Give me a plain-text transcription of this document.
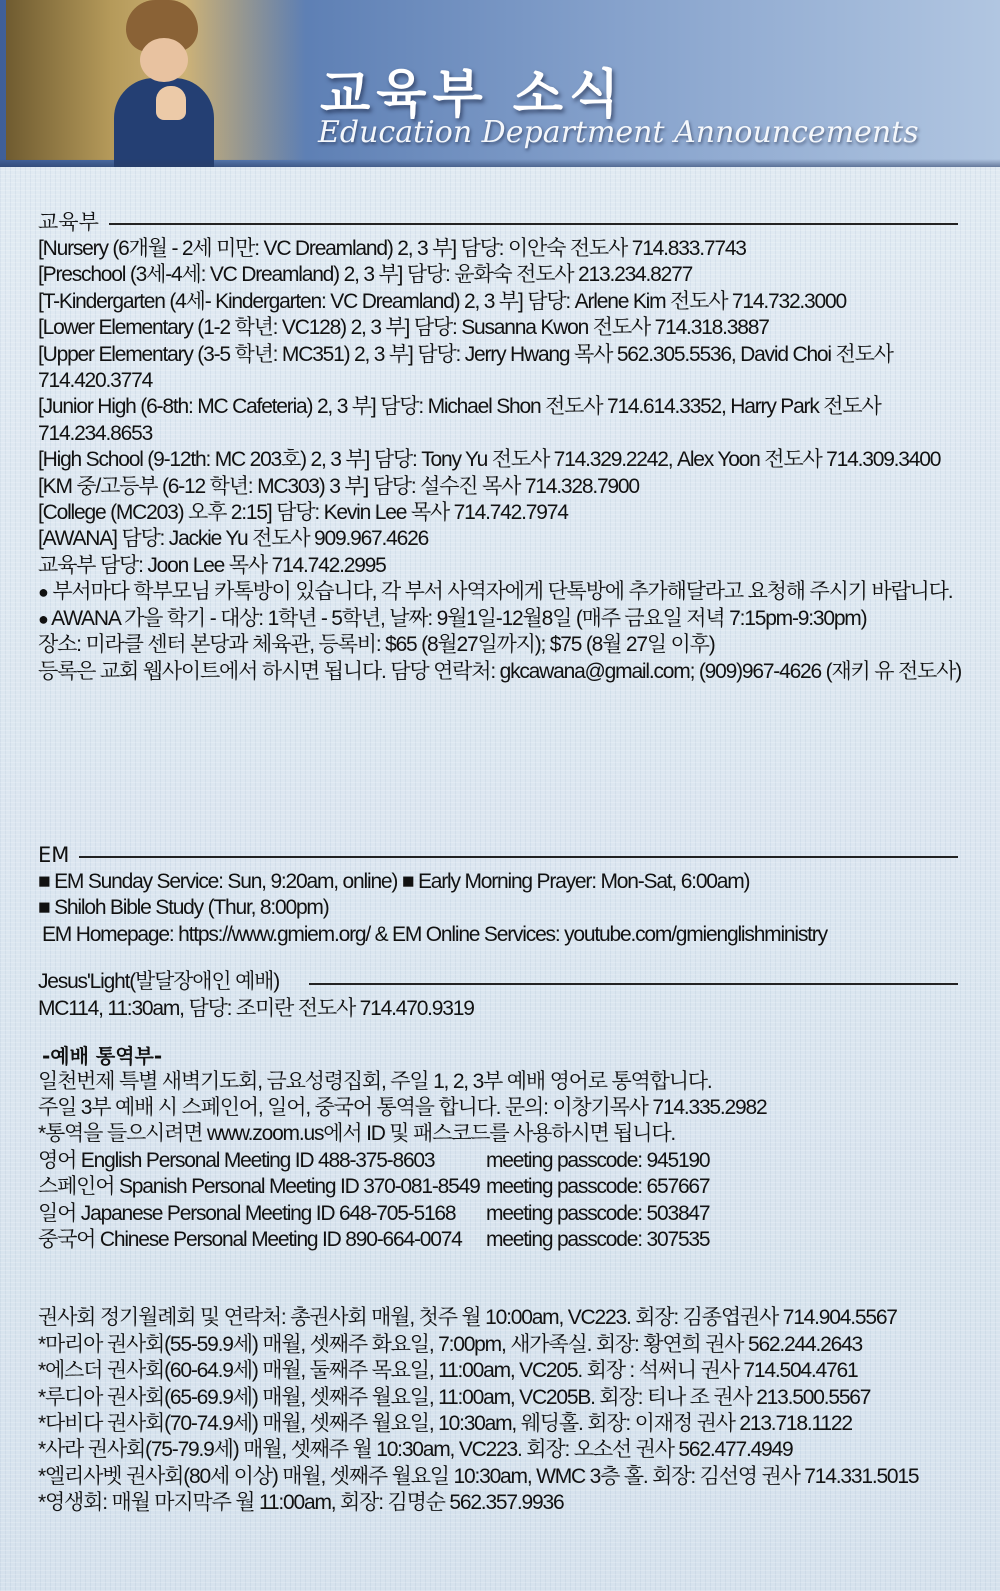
교육부 소식
Education Department Announcements
교육부
[Nursery (6개월 - 2세 미만: VC Dreamland) 2, 3 부] 담당: 이안숙 전도사 714.833.7743
[Preschool (3세-4세: VC Dreamland) 2, 3 부] 담당: 윤화숙 전도사 213.234.8277
[T-Kindergarten (4세- Kindergarten: VC Dreamland) 2, 3 부] 담당: Arlene Kim 전도사 714.732.3000
[Lower Elementary (1-2 학년: VC128) 2, 3 부] 담당: Susanna Kwon 전도사 714.318.3887
[Upper Elementary (3-5 학년: MC351) 2, 3 부] 담당: Jerry Hwang 목사 562.305.5536, David Choi 전도사
714.420.3774
[Junior High (6-8th: MC Cafeteria) 2, 3 부] 담당: Michael Shon 전도사 714.614.3352, Harry Park 전도사
714.234.8653
[High School (9-12th: MC 203호) 2, 3 부] 담당: Tony Yu 전도사 714.329.2242, Alex Yoon 전도사 714.309.3400
[KM 중/고등부 (6-12 학년: MC303) 3 부] 담당: 설수진 목사 714.328.7900
[College (MC203) 오후 2:15] 담당: Kevin Lee 목사 714.742.7974
[AWANA] 담당: Jackie Yu 전도사 909.967.4626
교육부 담당: Joon Lee 목사 714.742.2995
● 부서마다 학부모님 카톡방이 있습니다, 각 부서 사역자에게 단톡방에 추가해달라고 요청해 주시기 바랍니다.
● AWANA 가을 학기 - 대상: 1학년 - 5학년, 날짜: 9월1일-12월8일 (매주 금요일 저녁 7:15pm-9:30pm)
장소: 미라클 센터 본당과 체육관, 등록비: $65 (8월27일까지); $75 (8월 27일 이후)
등록은 교회 웹사이트에서 하시면 됩니다. 담당 연락처: gkcawana@gmail.com; (909)967-4626 (재키 유 전도사)
EM
■ EM Sunday Service: Sun, 9:20am, online) ■ Early Morning Prayer: Mon-Sat, 6:00am)
■ Shiloh Bible Study (Thur, 8:00pm)
EM Homepage: https://www.gmiem.org/ & EM Online Services: youtube.com/gmienglishministry
Jesus'Light(발달장애인 예배)
MC114, 11:30am, 담당: 조미란 전도사 714.470.9319
-예배 통역부-
일천번제 특별 새벽기도회, 금요성령집회, 주일 1, 2, 3부 예배 영어로 통역합니다.
주일 3부 예배 시 스페인어, 일어, 중국어 통역을 합니다. 문의: 이창기목사 714.335.2982
*통역을 들으시려면 www.zoom.us에서 ID 및 패스코드를 사용하시면 됩니다.
영어 English Personal Meeting ID 488-375-8603	meeting passcode: 945190
스페인어 Spanish Personal Meeting ID 370-081-8549 meeting passcode: 657667
일어 Japanese Personal Meeting ID 648-705-5168	meeting passcode: 503847
중국어 Chinese Personal Meeting ID 890-664-0074	meeting passcode: 307535
권사회 정기월례회 및 연락처: 총권사회 매월, 첫주 월 10:00am, VC223. 회장: 김종엽권사 714.904.5567
*마리아 권사회(55-59.9세) 매월, 셋째주 화요일, 7:00pm, 새가족실. 회장: 황연희 권사 562.244.2643
*에스더 권사회(60-64.9세) 매월, 둘째주 목요일, 11:00am, VC205. 회장 : 석써니 권사 714.504.4761
*루디아 권사회(65-69.9세) 매월, 셋째주 월요일, 11:00am, VC205B. 회장: 티나 조 권사 213.500.5567
*다비다 권사회(70-74.9세) 매월, 셋째주 월요일, 10:30am, 웨딩홀. 회장: 이재정 권사 213.718.1122
*사라 권사회(75-79.9세) 매월, 셋째주 월 10:30am, VC223. 회장: 오소선 권사 562.477.4949
*엘리사벳 권사회(80세 이상) 매월, 셋째주 월요일 10:30am, WMC 3층 홀. 회장: 김선영 권사 714.331.5015
*영생회: 매월 마지막주 월 11:00am, 회장: 김명순 562.357.9936
